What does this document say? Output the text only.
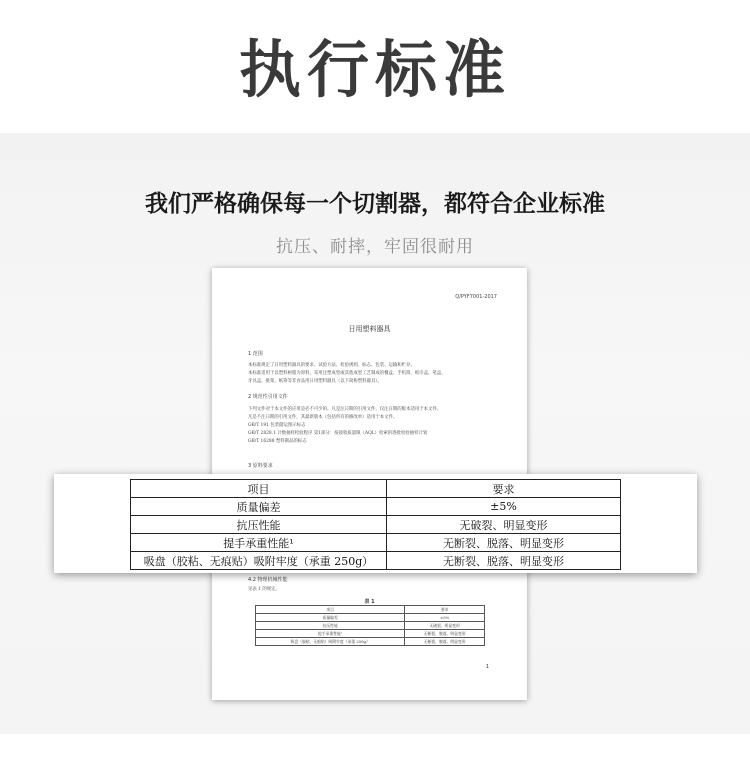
执行标准
我们严格确保每一个切割器，都符合企业标准
抗压、耐摔，牢固很耐用
Q/PYF7001-2017
日用塑料器具
1 范围
本标准规定了日用塑料器具的要求、试验方法、检验规则、标志、包装、运输和贮存。
本标准适用于以塑料树脂为原料，采用注塑成型或其他成型工艺制成的餐盒、手机筒、纸巾盒、笔盒、
牙具盒、挑架、纸筹等非食品用日用塑料器具（以下简称塑料器具）。
2 规范性引用文件
下列文件对于本文件的应用是必不可少的。凡是注日期的引用文件，仅注日期的版本适用于本文件。
凡是不注日期的引用文件，其最新版本（包括所有的修改单）适用于本文件。
GB/T 191 包装储运图示标志
GB/T 2828.1 计数抽样检验程序 第1部分：按接收质量限（AQL）检索的逐批检验抽样计划
GB/T 16288 塑料制品的标志
3 原料要求
4.2 物理机械性能
见表 1 的规定。
表 1
项目	要求
质量偏差	±5%
抗压性能	无破裂、明显变形
提手承重性能¹	无断裂、脱落、明显变形
吸盘（胶粘、无痕贴）吸附牢度（承重 250g）	无断裂、脱落、明显变形
1
项目	要求
质量偏差	±5%
抗压性能	无破裂、明显变形
提手承重性能¹	无断裂、脱落、明显变形
吸盘（胶粘、无痕贴）吸附牢度（承重 250g）	无断裂、脱落、明显变形
